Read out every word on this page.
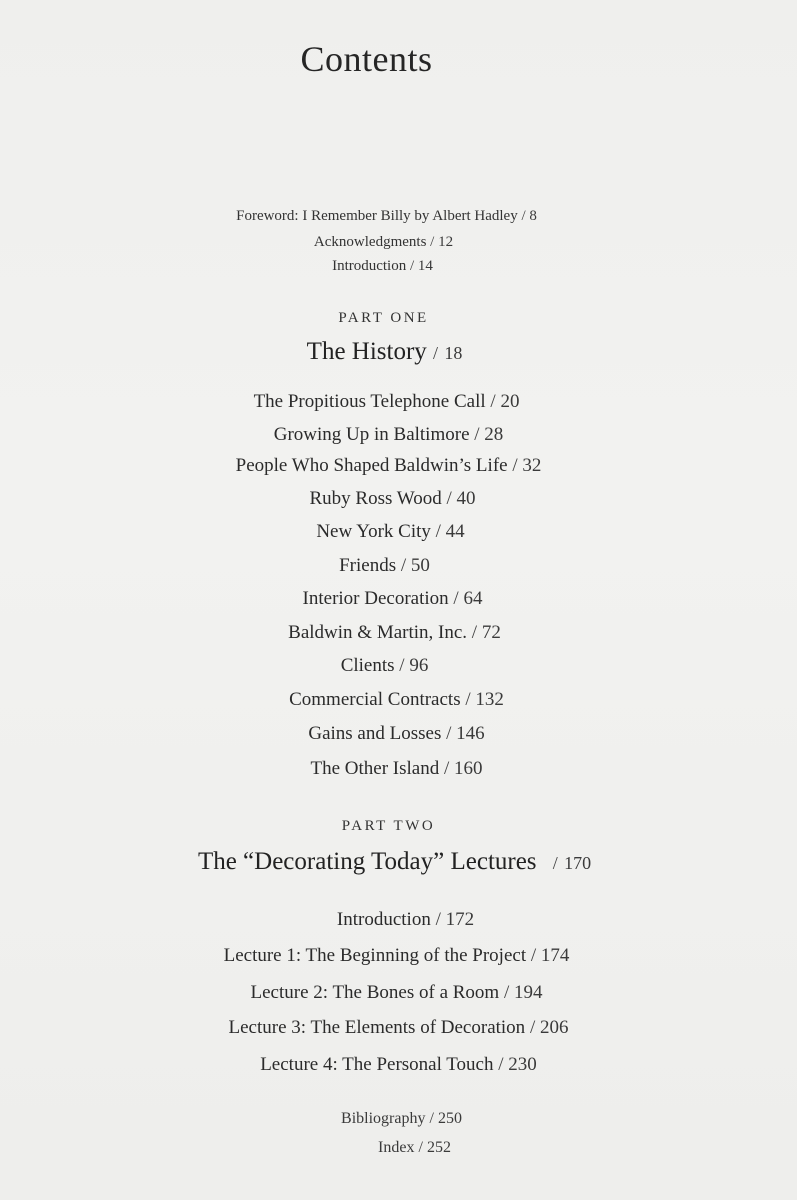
Contents
Foreword: I Remember Billy by Albert Hadley / 8
Acknowledgments / 12
Introduction / 14
PART ONE
The History / 18
The Propitious Telephone Call / 20
Growing Up in Baltimore / 28
People Who Shaped Baldwin’s Life / 32
Ruby Ross Wood / 40
New York City / 44
Friends / 50
Interior Decoration / 64
Baldwin & Martin, Inc. / 72
Clients / 96
Commercial Contracts / 132
Gains and Losses / 146
The Other Island / 160
PART TWO
The “Decorating Today” Lectures / 170
Introduction / 172
Lecture 1: The Beginning of the Project / 174
Lecture 2: The Bones of a Room / 194
Lecture 3: The Elements of Decoration / 206
Lecture 4: The Personal Touch / 230
Bibliography / 250
Index / 252
